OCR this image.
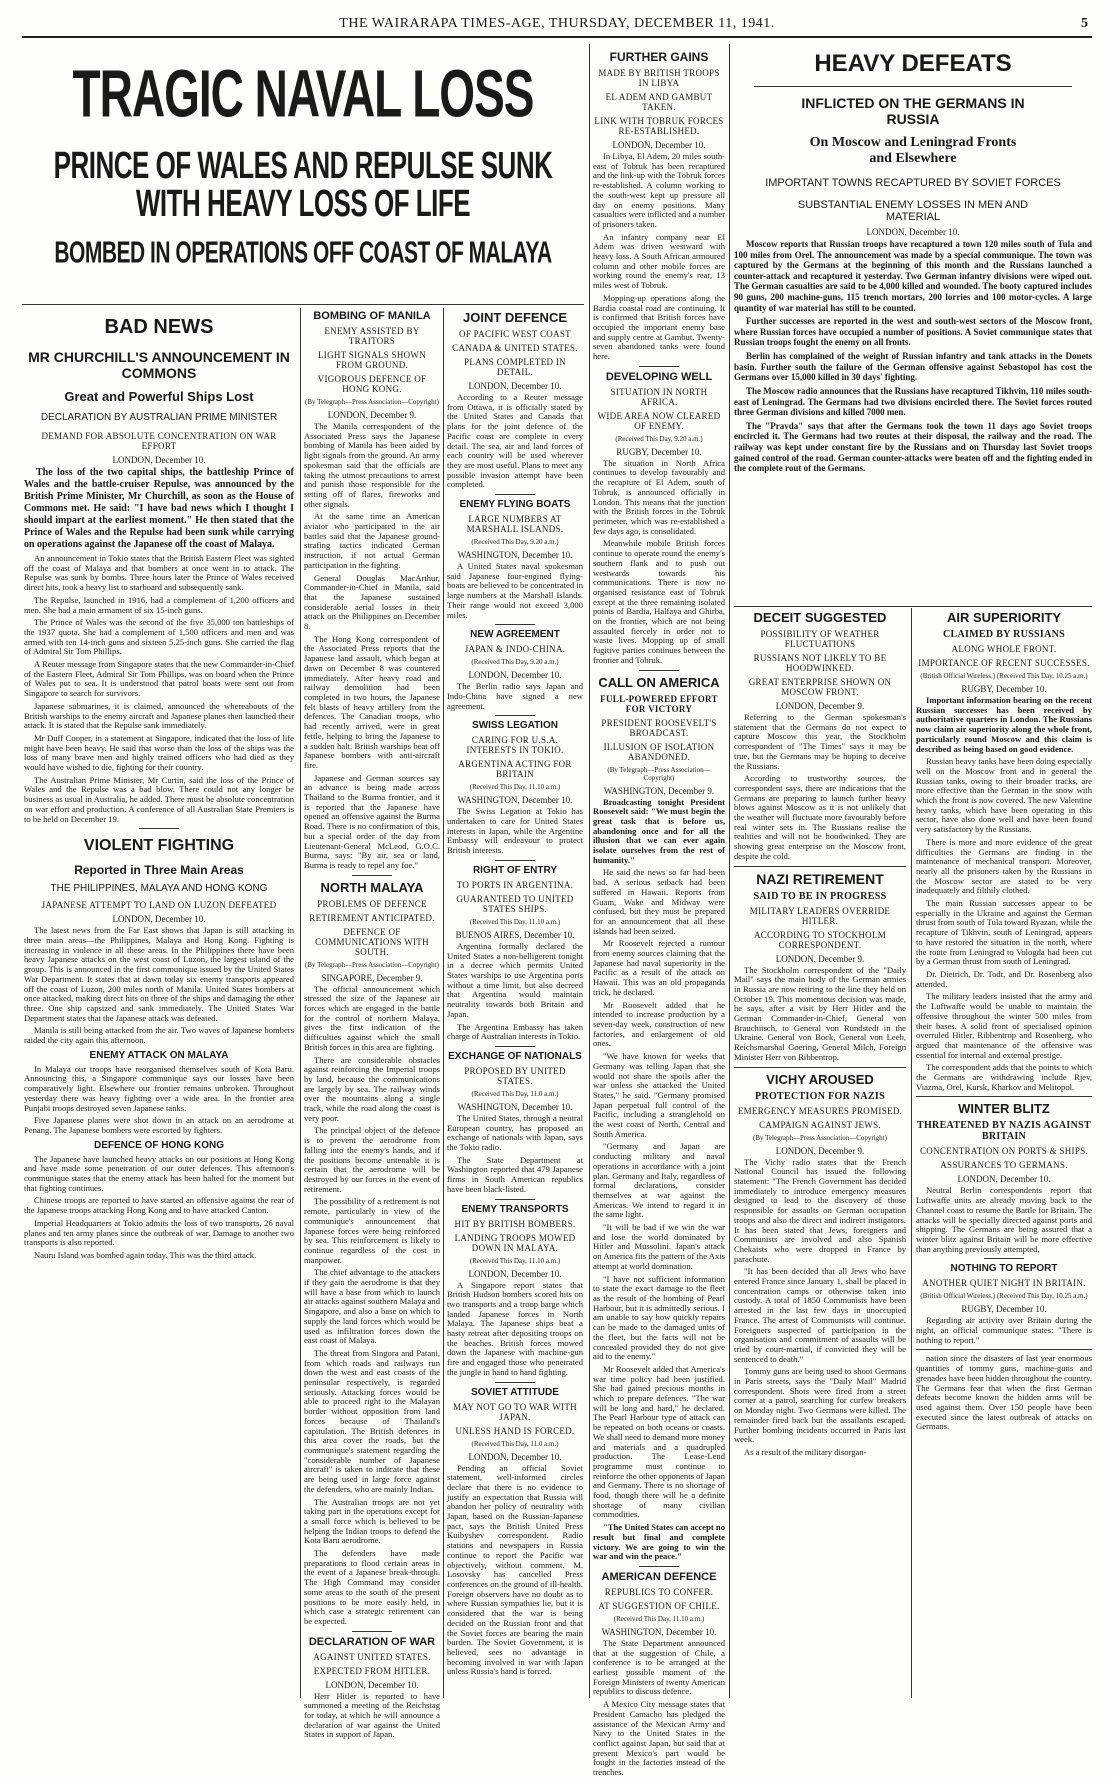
THE WAIRARAPA TIMES-AGE, THURSDAY, DECEMBER 11, 1941.	5
TRAGIC NAVAL LOSS
PRINCE OF WALES AND REPULSE SUNK
WITH HEAVY LOSS OF LIFE
BOMBED IN OPERATIONS OFF COAST OF MALAYA
BAD NEWS
MR CHURCHILL'S ANNOUNCEMENT IN COMMONS
Great and Powerful Ships Lost
DECLARATION BY AUSTRALIAN PRIME MINISTER
DEMAND FOR ABSOLUTE CONCENTRATION ON WAR EFFORT
LONDON, December 10.

The loss of the two capital ships, the battleship Prince of Wales and the battle-cruiser Repulse, was announced by the British Prime Minister, Mr Churchill, as soon as the House of Commons met. He said: "I have bad news which I thought I should impart at the earliest moment." He then stated that the Prince of Wales and the Repulse had been sunk while carrying on operations against the Japanese off the coast of Malaya.

An announcement in Tokio states that the British Eastern Fleet was sighted off the coast of Malaya and that bombers at once went in to attack. The Repulse was sunk by bombs. Three hours later the Prince of Wales received direct hits, took a heavy list to starboard and subsequently sank.

The Repulse, launched in 1916, had a complement of 1,200 officers and men. She had a main armament of six 15-inch guns.

The Prince of Wales was the second of the five 35,000 ton battleships of the 1937 quota. She had a complement of 1,500 officers and men and was armed with ten 14-inch guns and sixteen 5.25-inch guns. She carried the flag of Admiral Sir Tom Phillips.

A Reuter message from Singapore states that the new Commander-in-Chief of the Eastern Fleet, Admiral Sir Tom Phillips, was on board when the Prince of Wales put to sea. It is understood that patrol boats were sent out from Singapore to search for survivors.

Japanese submarines, it is claimed, announced the whereabouts of the British warships to the enemy aircraft and Japanese planes then launched their attack. It is stated that the Repulse sank immediately.

Mr Duff Cooper, in a statement at Singapore, indicated that the loss of life might have been heavy. He said that worse than the loss of the ships was the loss of many brave men and highly trained officers who had died as they would have wished to die, fighting for their country.

The Australian Prime Minister, Mr Curtin, said the loss of the Prince of Wales and the Repulse was a bad blow. There could not any longer be business as usual in Australia, he added. There must be absolute concentration on war effort and production. A conference of all Australian State Premiers is to be held on December 19.

VIOLENT FIGHTING
Reported in Three Main Areas
THE PHILIPPINES, MALAYA AND HONG KONG
JAPANESE ATTEMPT TO LAND ON LUZON DEFEATED
LONDON, December 10.

The latest news from the Far East shows that Japan is still attacking in three main areas—the Philippines, Malaya and Hong Kong. Fighting is increasing in violence in all these areas. In the Philippines there have been heavy Japanese attacks on the west coast of Luzon, the largest island of the group. This is announced in the first communique issued by the United States War Department. It states that at dawn today six enemy transports appeared off the coast of Luzon, 200 miles north of Manila. United States bombers at once attacked, making direct hits on three of the ships and damaging the other three. One ship capsized and sank immediately. The United States War Department states that the Japanese attack was defeated.

Manila is still being attacked from the air. Two waves of Japanese bombers raided the city again this afternoon.

ENEMY ATTACK ON MALAYA

In Malaya our troops have reorganised themselves south of Kota Baru. Announcing this, a Singapore communique says our losses have been comparatively light. Elsewhere our frontier remains unbroken. Throughout yesterday there was heavy fighting over a wide area. In the frontier area Punjabi troops destroyed seven Japanese tanks.

Five Japanese planes were shot down in an attack on an aerodrome at Penang. The Japanese bombers were escorted by fighters.

DEFENCE OF HONG KONG

The Japanese have launched heavy attacks on our positions at Hong Kong and have made some penetration of our outer defences. This afternoon's communique states that the enemy attack has been halted for the moment but that fighting continues.

Chinese troops are reported to have started an offensive against the rear of the Japanese troops attacking Hong Kong and to have attacked Canton.

Imperial Headquarters at Tokio admits the loss of two transports, 26 naval planes and ten army planes since the outbreak of war. Damage to another two transports is also reported.

Nauru Island was bombed again today. This was the third attack.

BOMBING OF MANILA
ENEMY ASSISTED BY TRAITORS
LIGHT SIGNALS SHOWN FROM GROUND.
VIGOROUS DEFENCE OF HONG KONG.
(By Telegraph—Press Association—Copyright)
LONDON, December 9.

The Manila correspondent of the Associated Press says the Japanese bombing of Manila has been aided by light signals from the ground. An army spokesman said that the officials are taking the utmost precautions to arrest and punish those responsible for the setting off of flares, fireworks and other signals.

At the same time an American aviator who participated in the air battles said that the Japanese ground-strafing tactics indicated German instruction, if not actual German participation in the fighting.

General Douglas MacArthur, Commander-in-Chief in Manila, said that the Japanese sustained considerable aerial losses in their attack on the Philippines on December 8.

The Hong Kong correspondent of the Associated Press reports that the Japanese land assault, which began at dawn on December 8 was countered immediately. After heavy road and railway demolition had been completed in two hours, the Japanese felt blasts of heavy artillery from the defences. The Canadian troops, who had recently arrived, were in great fettle, helping to bring the Japanese to a sudden halt. British warships beat off Japanese bombers with anti-aircraft fire.

Japanese and German sources say an advance is being made across Thailand to the Burma frontier, and it is reported that the Japanese have opened an offensive against the Burma Road. There is no confirmation of this, but a special order of the day from Lieutenant-General McLeod, G.O.C. Burma, says: "By air, sea or land, Burma is ready to repel any foe."

NORTH MALAYA
PROBLEMS OF DEFENCE
RETIREMENT ANTICIPATED.
DEFENCE OF COMMUNICATIONS WITH SOUTH.
(By Telegraph—Press Association—Copyright)
SINGAPORE, December 9.

The official announcement which stressed the size of the Japanese air forces which are engaged in the battle for the control of northern Malaya, gives the first indication of the difficulties against which the small British forces in this area are fighting.

There are considerable obstacles against reinforcing the Imperial troops by land, because the communications are largely by sea. The railway winds over the mountains along a single track, while the road along the coast is very poor.

The principal object of the defence is to prevent the aerodrome from falling into the enemy's hands, and if the positions become untenable it is certain that the aerodrome will be destroyed by our forces in the event of retirement.

The possibility of a retirement is not remote, particularly in view of the communique's announcement that Japanese forces were being reinforced by sea. This reinforcement is likely to continue regardless of the cost in manpower.

The chief advantage to the attackers if they gain the aerodrome is that they will have a base from which to launch air attacks against southern Malaya and Singapore, and also a base on which to supply the land forces which would be used as infiltration forces down the east coast of Malaya.

The threat from Singora and Patani, from which roads and railways run down the west and east coasts of the peninsular respectively, is regarded seriously. Attacking forces would be able to proceed right to the Malayan border without opposition from land forces because of Thailand's capitulation. The British defences in this area cover the roads, but the communique's statement regarding the "considerable number of Japanese aircraft" is taken to indicate that these are being used in large force against the defenders, who are mainly Indian.

The Australian troops are not yet taking part in the operations except for a small force which is believed to be helping the Indian troops to defend the Kota Baru aerodrome.

The defenders have made preparations to flood certain areas in the event of a Japanese break-through. The High Command may consider some areas to the south of the present positions to be more easily held, in which case a strategic retirement can be expected.

DECLARATION OF WAR
AGAINST UNITED STATES.
EXPECTED FROM HITLER.
LONDON, December 10.

Herr Hitler is reported to have summoned a meeting of the Reichstag for today, at which he will announce a declaration of war against the United States in support of Japan.

JOINT DEFENCE
OF PACIFIC WEST COAST
CANADA & UNITED STATES.
PLANS COMPLETED IN DETAIL.
LONDON, December 10.

According to a Reuter message from Ottawa, it is officially stated by the United States and Canada that plans for the joint defence of the Pacific coast are complete in every detail. The sea, air and land forces of each country will be used wherever they are most useful. Plans to meet any possible invasion attempt have been completed.

ENEMY FLYING BOATS
LARGE NUMBERS AT MARSHALL ISLANDS.
(Received This Day, 9.20 a.m.)
WASHINGTON, December 10.

A United States naval spokesman said Japanese four-engined flying-boats are believed to be concentrated in large numbers at the Marshall Islands. Their range would not exceed 3,000 miles.

NEW AGREEMENT
JAPAN & INDO-CHINA.
(Received This Day, 9.20 a.m.)
LONDON, December 10.

The Berlin radio says Japan and Indo-China have signed a new agreement.

SWISS LEGATION
CARING FOR U.S.A. INTERESTS IN TOKIO.
ARGENTINA ACTING FOR BRITAIN
(Received This Day, 11.10 a.m.)
WASHINGTON, December 10.

The Swiss Legation at Tokio has undertaken to care for United States interests in Japan, while the Argentine Embassy will endeavour to protect British interests.

RIGHT OF ENTRY
TO PORTS IN ARGENTINA.
GUARANTEED TO UNITED STATES SHIPS.
(Received This Day, 11.10 a.m.)
BUENOS AIRES, December 10.

Argentina formally declared the United States a non-belligerent tonight in a decree which permits United States warships to use Argentina ports without a time limit, but also decreed that Argentina would maintain neutrality towards both Britain and Japan.

The Argentina Embassy has taken charge of Australian interests in Tokio.

EXCHANGE OF NATIONALS
PROPOSED BY UNITED STATES.
(Received This Day, 11.0 a.m.)
WASHINGTON, December 10.

The United States, through a neutral European country, has proposed an exchange of nationals with Japan, says the Tokio radio.

The State Department at Washington reported that 479 Japanese firms in South American republics have been black-listed.

ENEMY TRANSPORTS
HIT BY BRITISH BOMBERS.
LANDING TROOPS MOWED DOWN IN MALAYA.
(Received This Day, 11.10 a.m.)
LONDON, December 10.

A Singapore report states that British Hudson bombers scored hits on two transports and a troop barge which landed Japanese forces in North Malaya. The Japanese ships beat a hasty retreat after depositing troops on the beaches. British forces mowed down the Japanese with machine-gun fire and engaged those who penetrated the jungle in hand to hand fighting.

SOVIET ATTITUDE
MAY NOT GO TO WAR WITH JAPAN.
UNLESS HAND IS FORCED.
(Received This Day, 11.0 a.m.)
LONDON, December 10.

Pending an official Soviet statement, well-informed circles declare that there is no evidence to justify an expectation that Russia will abandon her policy of neutrality with Japan, based on the Russian-Japanese pact, says the British United Press Kuibyshev correspondent. Radio stations and newspapers in Russia continue to report the Pacific war objectively, without comment. M. Losovsky has cancelled Press conferences on the ground of ill-health. Foreign observers have no doubt as to where Russian sympathies lie, but it is considered that the war is being decided on the Russian front and that the Soviet forces are bearing the main burden. The Soviet Government, it is believed, sees no advantage in becoming involved in war with Japan unless Russia's hand is forced.

FURTHER GAINS
MADE BY BRITISH TROOPS IN LIBYA
EL ADEM AND GAMBUT TAKEN.
LINK WITH TOBRUK FORCES RE-ESTABLISHED.
LONDON, December 10.

In Libya, El Adem, 20 miles south-east of Tobruk has been recaptured and the link-up with the Tobruk forces re-established. A column working to the south-west kept up pressure all day on enemy positions. Many casualties were inflicted and a number of prisoners taken.

An infantry company near El Adem was driven westward with heavy loss. A South African armoured column and other mobile forces are working round the enemy's rear, 13 miles west of Tobruk.

Mopping-up operations along the Bardia coastal road are continuing. It is confirmed that British forces have occupied the important enemy base and supply centre at Gambut. Twenty-seven abandoned tanks were found here.

DEVELOPING WELL
SITUATION IN NORTH AFRICA.
WIDE AREA NOW CLEARED OF ENEMY.
(Received This Day, 9.20 a.m.)
RUGBY, December 10.

The situation in North Africa continues to develop favourably and the recapture of El Adem, south of Tobruk, is announced officially in London. This means that the junction with the British forces in the Tobruk perimeter, which was re-established a few days ago, is consolidated.

Meanwhile mobile British forces continue to operate round the enemy's southern flank and to push out westwards towards his communications. There is now no organised resistance east of Tobruk except at the three remaining isolated points of Bardia, Halfaya and Ghirba, on the frontier, which are not being assaulted fiercely in order not to waste lives. Mopping up of small fugitive parties continues between the frontier and Tobruk.

CALL ON AMERICA
FULL-POWERED EFFORT FOR VICTORY
PRESIDENT ROOSEVELT'S BROADCAST.
ILLUSION OF ISOLATION ABANDONED.
(By Telegraph—Press Association—Copyright)
WASHINGTON, December 9.

Broadcasting tonight President Roosevelt said: "We must begin the great task that is before us, abandoning once and for all the illusion that we can ever again isolate ourselves from the rest of humanity."

He said the news so far had been bad. A serious setback had been suffered in Hawaii. Reports from Guam, Wake and Midway were confused, but they must be prepared for an announcement that all these islands had been seized.

Mr Roosevelt rejected a rumour from enemy sources claiming that the Japanese had naval superiority in the Pacific as a result of the attack on Hawaii. This was an old propaganda trick, he declared.

Mr Roosevelt added that he intended to increase production by a seven-day week, construction of new factories, and enlargement of old ones.

"We have known for weeks that Germany was telling Japan that she would not share the spoils after the war unless she attacked the United States," he said. "Germany promised Japan perpetual full control of the Pacific, including a stranglehold on the west coast of North, Central and South America.

"Germany and Japan are conducting military and naval operations in accordance with a joint plan. Germany and Italy, regardless of formal declarations, consider themselves at war against the Americas. We intend to regard it in the same light.

"It will be bad if we win the war and lose the world dominated by Hitler and Mussolini. Japan's attack on America fits the pattern of the Axis attempt at world domination.

"I have not sufficient information to state the exact damage to the fleet as the result of the bombing of Pearl Harbour, but it is admittedly serious. I am unable to say how quickly repairs can be made to the damaged units of the fleet, but the facts will not be concealed provided they do not give aid to the enemy."

Mr Roosevelt added that America's war time policy had been justified. She had gained precious months in which to prepare defences. "The war will be long and hard," he declared. The Pearl Harbour type of attack can be repeated on both oceans or coasts. We shall need to demand more money and materials and a quadrupled production. The Lease-Lend programme must continue to reinforce the other opponents of Japan and Germany. There is no shortage of food, though there will be a definite shortage of many civilian commodities.

"The United States can accept no result but final and complete victory. We are going to win the war and win the peace."

AMERICAN DEFENCE
REPUBLICS TO CONFER.
AT SUGGESTION OF CHILE.
(Received This Day, 11.10 a.m.)
WASHINGTON, December 10.

The State Department announced that at the suggestion of Chile, a conference is to be arranged at the earliest possible moment of the Foreign Ministers of twenty American republics to discuss defence.

A Mexico City message states that President Camacho has pledged the assistance of the Mexican Army and Navy to the United States in the conflict against Japan, but said that at present Mexico's part would be fought in the factories instead of the trenches.

HEAVY DEFEATS
INFLICTED ON THE GERMANS IN RUSSIA
On Moscow and Leningrad Fronts and Elsewhere
IMPORTANT TOWNS RECAPTURED BY SOVIET FORCES
SUBSTANTIAL ENEMY LOSSES IN MEN AND MATERIAL
LONDON, December 10.

Moscow reports that Russian troops have recaptured a town 120 miles south of Tula and 100 miles from Orel. The announcement was made by a special communique. The town was captured by the Germans at the beginning of this month and the Russians launched a counter-attack and recaptured it yesterday. Two German infantry divisions were wiped out. The German casualties are said to be 4,000 killed and wounded. The booty captured includes 90 guns, 200 machine-guns, 115 trench mortars, 200 lorries and 100 motor-cycles. A large quantity of war material has still to be counted.

Further successes are reported in the west and south-west sectors of the Moscow front, where Russian forces have occupied a number of positions. A Soviet communique states that Russian troops fought the enemy on all fronts.

Berlin has complained of the weight of Russian infantry and tank attacks in the Donets basin. Further south the failure of the German offensive against Sebastopol has cost the Germans over 15,000 killed in 30 days' fighting.

The Moscow radio announces that the Russians have recaptured Tikhvin, 110 miles south-east of Leningrad. The Germans had two divisions encircled there. The Soviet forces routed three German divisions and killed 7000 men.

The "Pravda" says that after the Germans took the town 11 days ago Soviet troops encircled it. The Germans had two routes at their disposal, the railway and the road. The railway was kept under constant fire by the Russians and on Thursday last Soviet troops gained control of the road. German counter-attacks were beaten off and the fighting ended in the complete rout of the Germans.

DECEIT SUGGESTED
POSSIBILITY OF WEATHER FLUCTUATIONS
RUSSIANS NOT LIKELY TO BE HOODWINKED.
GREAT ENTERPRISE SHOWN ON MOSCOW FRONT.
LONDON, December 9.

Referring to the German spokesman's statement that the Germans do not expect to capture Moscow this year, the Stockholm correspondent of "The Times" says it may be true, but the Germans may be hoping to deceive the Russians.

According to trustworthy sources, the correspondent says, there are indications that the Germans are preparing to launch further heavy blows against Moscow as it is not unlikely that the weather will fluctuate more favourably before real winter sets in. The Russians realise the realities and will not be hoodwinked. They are showing great enterprise on the Moscow front, despite the cold.

NAZI RETIREMENT
SAID TO BE IN PROGRESS
MILITARY LEADERS OVERRIDE HITLER.
ACCORDING TO STOCKHOLM CORRESPONDENT.
LONDON, December 9.

The Stockholm correspondent of the "Daily Mail" says the main body of the German armies in Russia are now retiring to the line they held on October 19. This momentous decision was made, he says, after a visit by Herr Hitler and the German Commander-in-Chief, General von Brauchitsch, to General von Rundstedt in the Ukraine. General von Bock, General von Leeb, Reichsmarshal Goering, General Milch, Foreign Minister Herr von Ribbentrop.

VICHY AROUSED
PROTECTION FOR NAZIS
EMERGENCY MEASURES PROMISED.
CAMPAIGN AGAINST JEWS.
(By Telegraph—Press Association—Copyright)
LONDON, December 9.

The Vichy radio states that the French National Council has issued the following statement: "The French Government has decided immediately to introduce emergency measures designed to lead to the discovery of those responsible for assaults on German occupation troops and also the direct and indirect instigators. It has been stated that Jews, foreigners and Communists are involved and also Spanish Chekaists who were dropped in France by parachute.

"It has been decided that all Jews who have entered France since January 1, shall be placed in concentration camps or otherwise taken into custody. A total of 1850 Communists have been arrested in the last few days in unoccupied France. The arrest of Communists will continue. Foreigners suspected of participation in the organisation and commitment of assaults will be tried by court-martial, if convicted they will be sentenced to death."

Tommy guns are being used to shoot Germans in Paris streets, says the "Daily Mail" Madrid correspondent. Shots were fired from a street corner at a patrol, searching for curfew breakers on Monday night. Two Germans were killed. The remainder fired back but the assailants escaped. Further bombing incidents occurred in Paris last week.

As a result of the military disorgan-

AIR SUPERIORITY
CLAIMED BY RUSSIANS
ALONG WHOLE FRONT.
IMPORTANCE OF RECENT SUCCESSES.
(British Official Wireless.) (Received This Day, 10.25 a.m.)
RUGBY, December 10.

Important information bearing on the recent Russian successes has been received by authoritative quarters in London. The Russians now claim air superiority along the whole front, particularly round Moscow and this claim is described as being based on good evidence.

Russian heavy tanks have been doing especially well on the Moscow front and in general the Russian tanks, owing to their broader tracks, are more effective than the German in the snow with which the front is now covered. The new Valentine heavy tanks, which have been operating in this sector, have also done well and have been found very satisfactory by the Russians.

There is more and more evidence of the great difficulties the Germans are finding in the maintenance of mechanical transport. Moreover, nearly all the prisoners taken by the Russians in the Moscow sector are stated to be very inadequately and filthily clothed.

The main Russian successes appear to be especially in the Ukraine and against the German thrust from south of Tula toward Ryazan, while the recapture of Tikhvin, south of Leningrad, appears to have restored the situation in the north, where the route from Leningrad to Vologda had been cut by a German thrust from south of Leningrad.

Dr. Dietrich, Dr. Todt, and Dr. Rosenberg also attended.

The military leaders insisted that the army and the Luftwaffe would be unable to maintain the offensive throughout the winter 500 miles from their bases. A solid front of specialised opinion overruled Hitler, Ribbentrop and Rosenberg, who argued that maintenance of the offensive was essential for internal and external prestige.

The correspondent adds that the points to which the Germans are withdrawing include Rjev, Viazma, Orel, Kursk, Kharkov and Melitopol.

WINTER BLITZ
THREATENED BY NAZIS AGAINST BRITAIN
CONCENTRATION ON PORTS & SHIPS.
ASSURANCES TO GERMANS.
LONDON, December 10.

Neutral Berlin correspondents report that Luftwaffe units are already moving back to the Channel coast to resume the Battle for Britain. The attacks will be specially directed against ports and shipping. The Germans are being assured that a winter blitz against Britain will be more effective than anything previously attempted,

NOTHING TO REPORT
ANOTHER QUIET NIGHT IN BRITAIN.
(British Official Wireless.) (Received This Day, 10.25 a.m.)
RUGBY, December 10.

Regarding air activity over Britain during the night, an official communique states: "There is nothing to report."

nation since the disasters of last year enormous quantities of tommy guns, machine-guns and grenades have been hidden throughout the country. The Germans fear that when the first German defeats become known the hidden arms will be used against them. Over 150 people have been executed since the latest outbreak of attacks on Germans.
